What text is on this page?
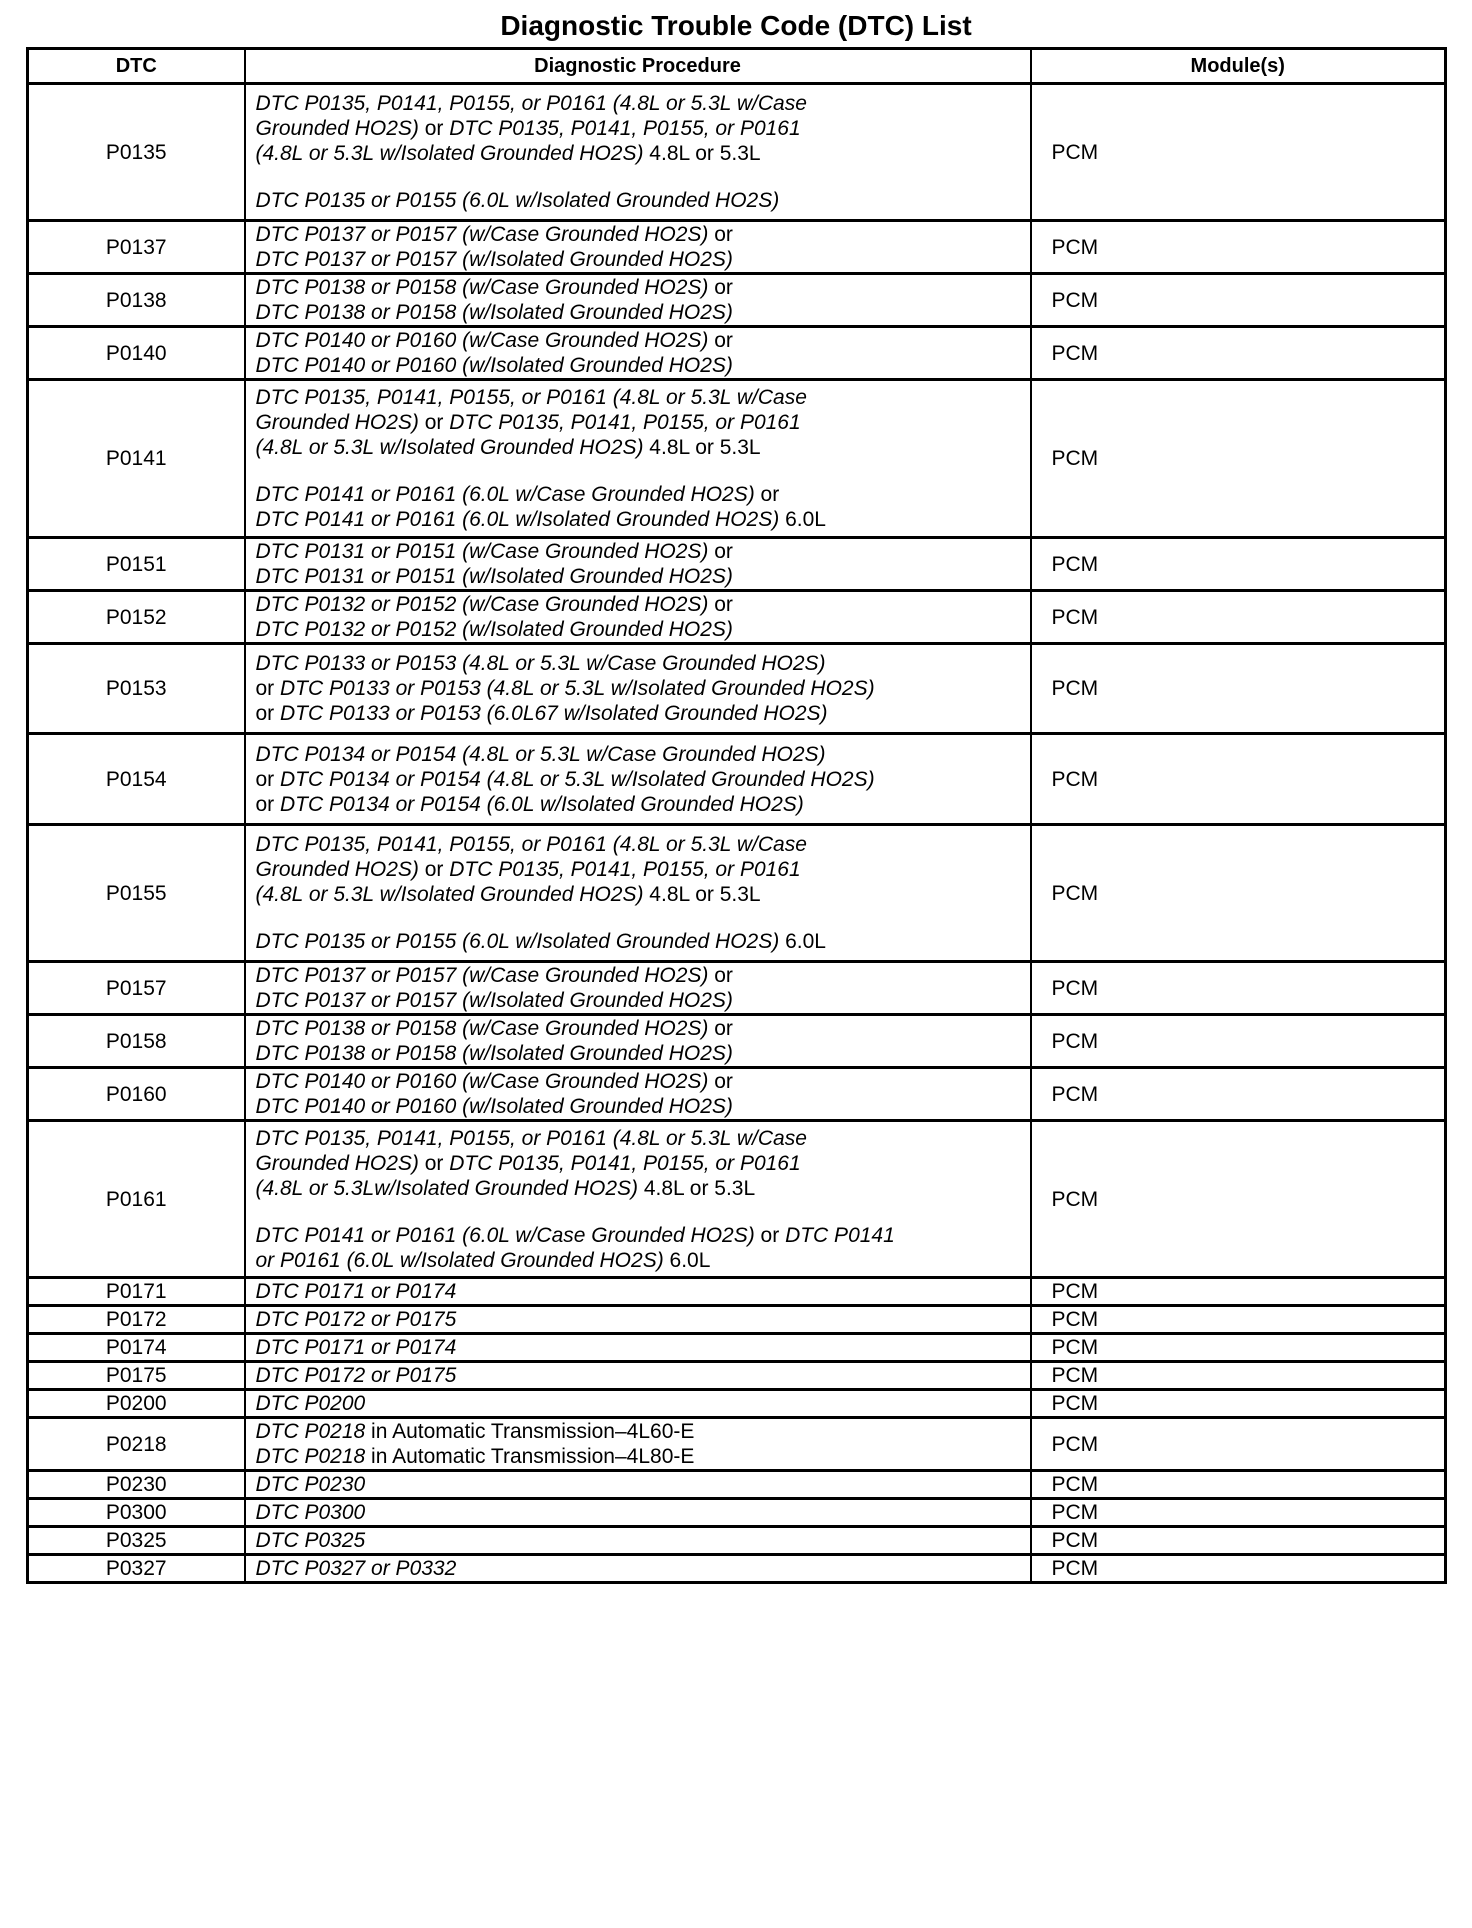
Diagnostic Trouble Code (DTC) List
DTC	Diagnostic Procedure	Module(s)
P0135	DTC P0135, P0141, P0155, or P0161 (4.8L or 5.3L w/Case
Grounded HO2S) or DTC P0135, P0141, P0155, or P0161
(4.8L or 5.3L w/Isolated Grounded HO2S) 4.8L or 5.3L
DTC P0135 or P0155 (6.0L w/Isolated Grounded HO2S)	PCM
P0137	DTC P0137 or P0157 (w/Case Grounded HO2S) or
DTC P0137 or P0157 (w/Isolated Grounded HO2S)	PCM
P0138	DTC P0138 or P0158 (w/Case Grounded HO2S) or
DTC P0138 or P0158 (w/Isolated Grounded HO2S)	PCM
P0140	DTC P0140 or P0160 (w/Case Grounded HO2S) or
DTC P0140 or P0160 (w/Isolated Grounded HO2S)	PCM
P0141	DTC P0135, P0141, P0155, or P0161 (4.8L or 5.3L w/Case
Grounded HO2S) or DTC P0135, P0141, P0155, or P0161
(4.8L or 5.3L w/Isolated Grounded HO2S) 4.8L or 5.3L
DTC P0141 or P0161 (6.0L w/Case Grounded HO2S) or
DTC P0141 or P0161 (6.0L w/Isolated Grounded HO2S) 6.0L	PCM
P0151	DTC P0131 or P0151 (w/Case Grounded HO2S) or
DTC P0131 or P0151 (w/Isolated Grounded HO2S)	PCM
P0152	DTC P0132 or P0152 (w/Case Grounded HO2S) or
DTC P0132 or P0152 (w/Isolated Grounded HO2S)	PCM
P0153	DTC P0133 or P0153 (4.8L or 5.3L w/Case Grounded HO2S)
or DTC P0133 or P0153 (4.8L or 5.3L w/Isolated Grounded HO2S)
or DTC P0133 or P0153 (6.0L67 w/Isolated Grounded HO2S)	PCM
P0154	DTC P0134 or P0154 (4.8L or 5.3L w/Case Grounded HO2S)
or DTC P0134 or P0154 (4.8L or 5.3L w/Isolated Grounded HO2S)
or DTC P0134 or P0154 (6.0L w/Isolated Grounded HO2S)	PCM
P0155	DTC P0135, P0141, P0155, or P0161 (4.8L or 5.3L w/Case
Grounded HO2S) or DTC P0135, P0141, P0155, or P0161
(4.8L or 5.3L w/Isolated Grounded HO2S) 4.8L or 5.3L
DTC P0135 or P0155 (6.0L w/Isolated Grounded HO2S) 6.0L	PCM
P0157	DTC P0137 or P0157 (w/Case Grounded HO2S) or
DTC P0137 or P0157 (w/Isolated Grounded HO2S)	PCM
P0158	DTC P0138 or P0158 (w/Case Grounded HO2S) or
DTC P0138 or P0158 (w/Isolated Grounded HO2S)	PCM
P0160	DTC P0140 or P0160 (w/Case Grounded HO2S) or
DTC P0140 or P0160 (w/Isolated Grounded HO2S)	PCM
P0161	DTC P0135, P0141, P0155, or P0161 (4.8L or 5.3L w/Case
Grounded HO2S) or DTC P0135, P0141, P0155, or P0161
(4.8L or 5.3Lw/Isolated Grounded HO2S) 4.8L or 5.3L
DTC P0141 or P0161 (6.0L w/Case Grounded HO2S) or DTC P0141
or P0161 (6.0L w/Isolated Grounded HO2S) 6.0L	PCM
P0171	DTC P0171 or P0174	PCM
P0172	DTC P0172 or P0175	PCM
P0174	DTC P0171 or P0174	PCM
P0175	DTC P0172 or P0175	PCM
P0200	DTC P0200	PCM
P0218	DTC P0218 in Automatic Transmission–4L60-E
DTC P0218 in Automatic Transmission–4L80-E	PCM
P0230	DTC P0230	PCM
P0300	DTC P0300	PCM
P0325	DTC P0325	PCM
P0327	DTC P0327 or P0332	PCM
